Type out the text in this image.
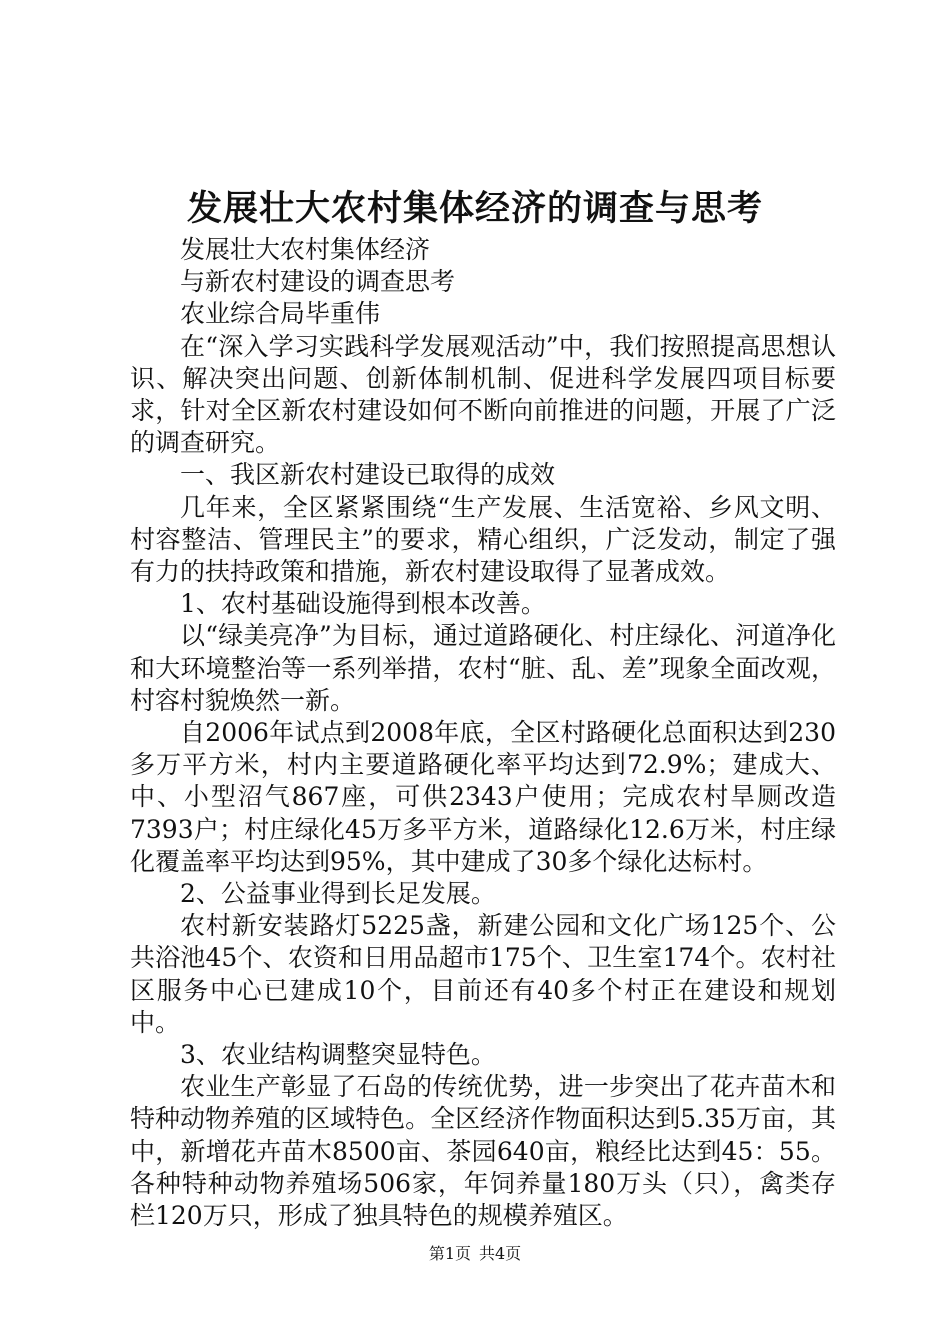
发展壮大农村集体经济的调查与思考

发展壮大农村集体经济

与新农村建设的调查思考

农业综合局毕重伟

在“深入学习实践科学发展观活动”中，我们按照提高思想认识、解决突出问题、创新体制机制、促进科学发展四项目标要求，针对全区新农村建设如何不断向前推进的问题，开展了广泛的调查研究。

一、我区新农村建设已取得的成效

几年来，全区紧紧围绕“生产发展、生活宽裕、乡风文明、村容整洁、管理民主”的要求，精心组织，广泛发动，制定了强有力的扶持政策和措施，新农村建设取得了显著成效。

1、农村基础设施得到根本改善。

以“绿美亮净”为目标，通过道路硬化、村庄绿化、河道净化和大环境整治等一系列举措，农村“脏、乱、差”现象全面改观，村容村貌焕然一新。

自2006年试点到2008年底，全区村路硬化总面积达到230多万平方米，村内主要道路硬化率平均达到72.9%；建成大、中、小型沼气867座，可供2343户使用；完成农村旱厕改造7393户；村庄绿化45万多平方米，道路绿化12.6万米，村庄绿化覆盖率平均达到95%，其中建成了30多个绿化达标村。

2、公益事业得到长足发展。

农村新安装路灯5225盏，新建公园和文化广场125个、公共浴池45个、农资和日用品超市175个、卫生室174个。农村社区服务中心已建成10个，目前还有40多个村正在建设和规划中。

3、农业结构调整突显特色。

农业生产彰显了石岛的传统优势，进一步突出了花卉苗木和特种动物养殖的区域特色。全区经济作物面积达到5.35万亩，其中，新增花卉苗木8500亩、茶园640亩，粮经比达到45：55。各种特种动物养殖场506家，年饲养量180万头（只），禽类存栏120万只，形成了独具特色的规模养殖区。

第1页 共4页
